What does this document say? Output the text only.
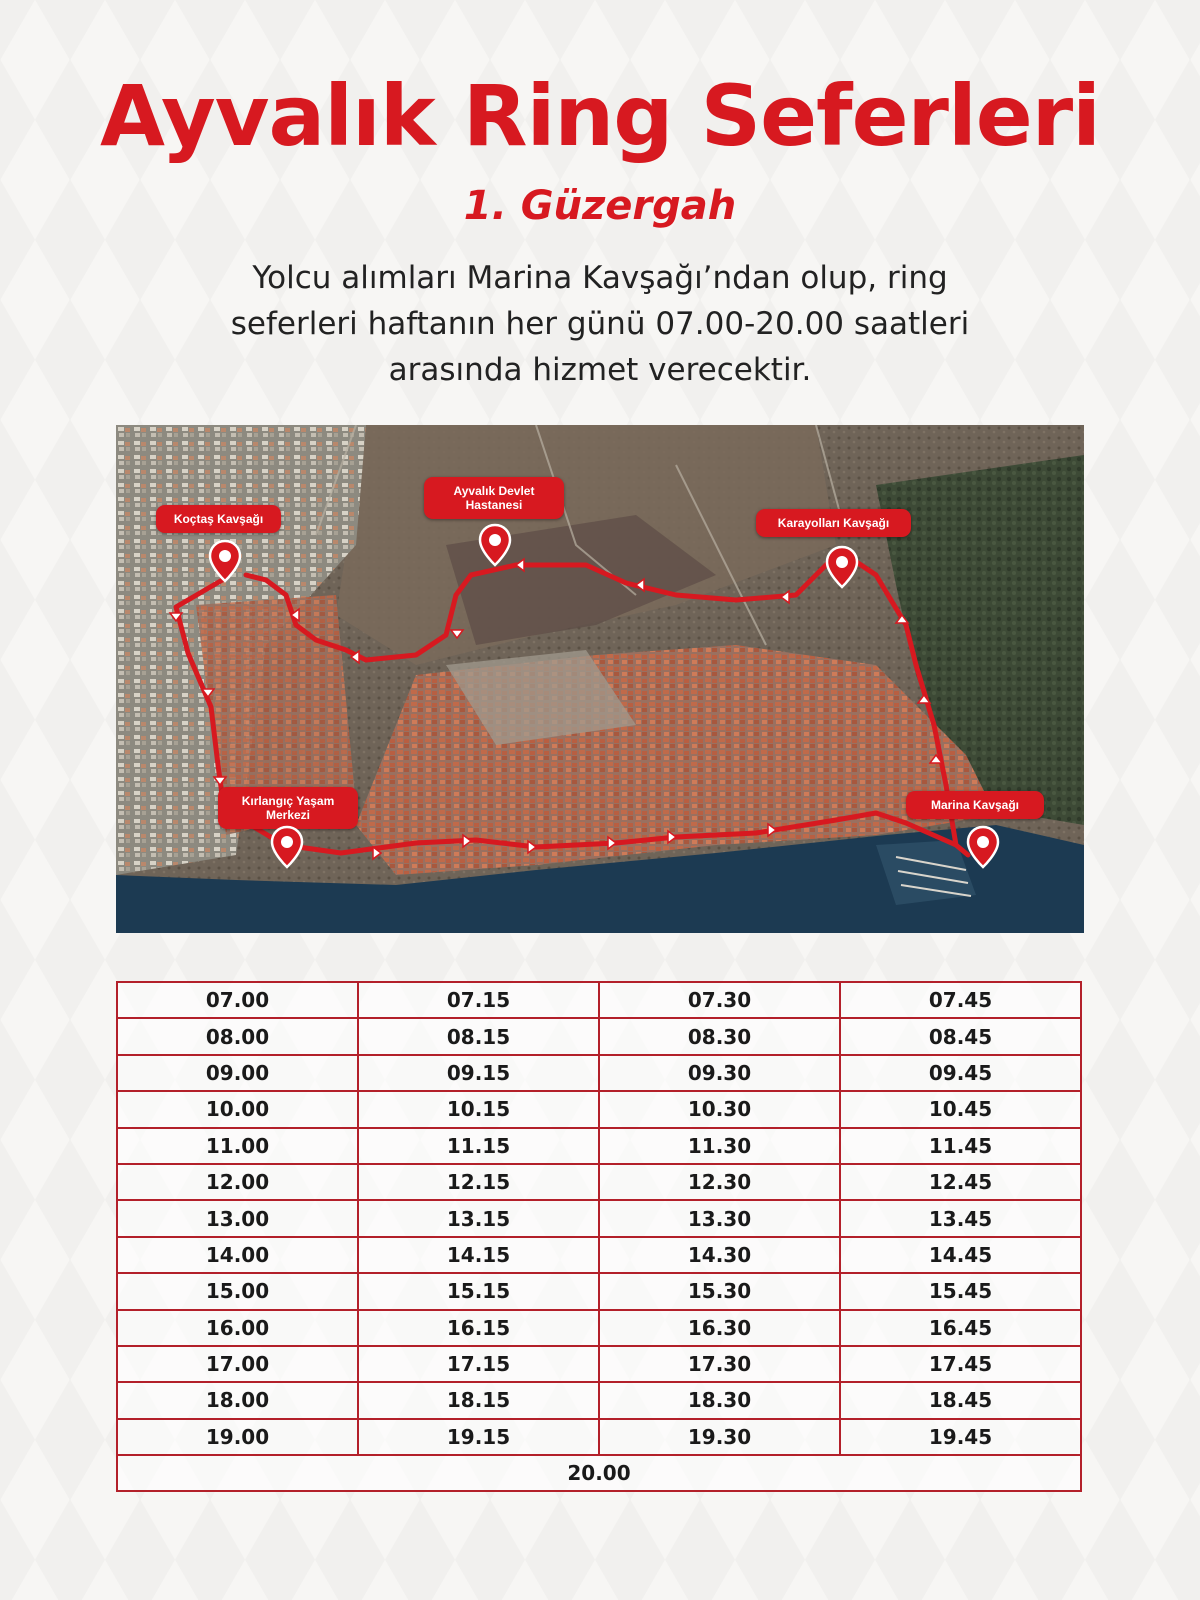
Ayvalık Ring Seferleri
1. Güzergah
Yolcu alımları Marina Kavşağı’ndan olup, ring
seferleri haftanın her günü 07.00-20.00 saatleri
arasında hizmet verecektir.
Koçtaş Kavşağı
Ayvalık Devlet Hastanesi
Karayolları Kavşağı
Kırlangıç Yaşam Merkezi
Marina Kavşağı
07.00	07.15	07.30	07.45
08.00	08.15	08.30	08.45
09.00	09.15	09.30	09.45
10.00	10.15	10.30	10.45
11.00	11.15	11.30	11.45
12.00	12.15	12.30	12.45
13.00	13.15	13.30	13.45
14.00	14.15	14.30	14.45
15.00	15.15	15.30	15.45
16.00	16.15	16.30	16.45
17.00	17.15	17.30	17.45
18.00	18.15	18.30	18.45
19.00	19.15	19.30	19.45
20.00			
